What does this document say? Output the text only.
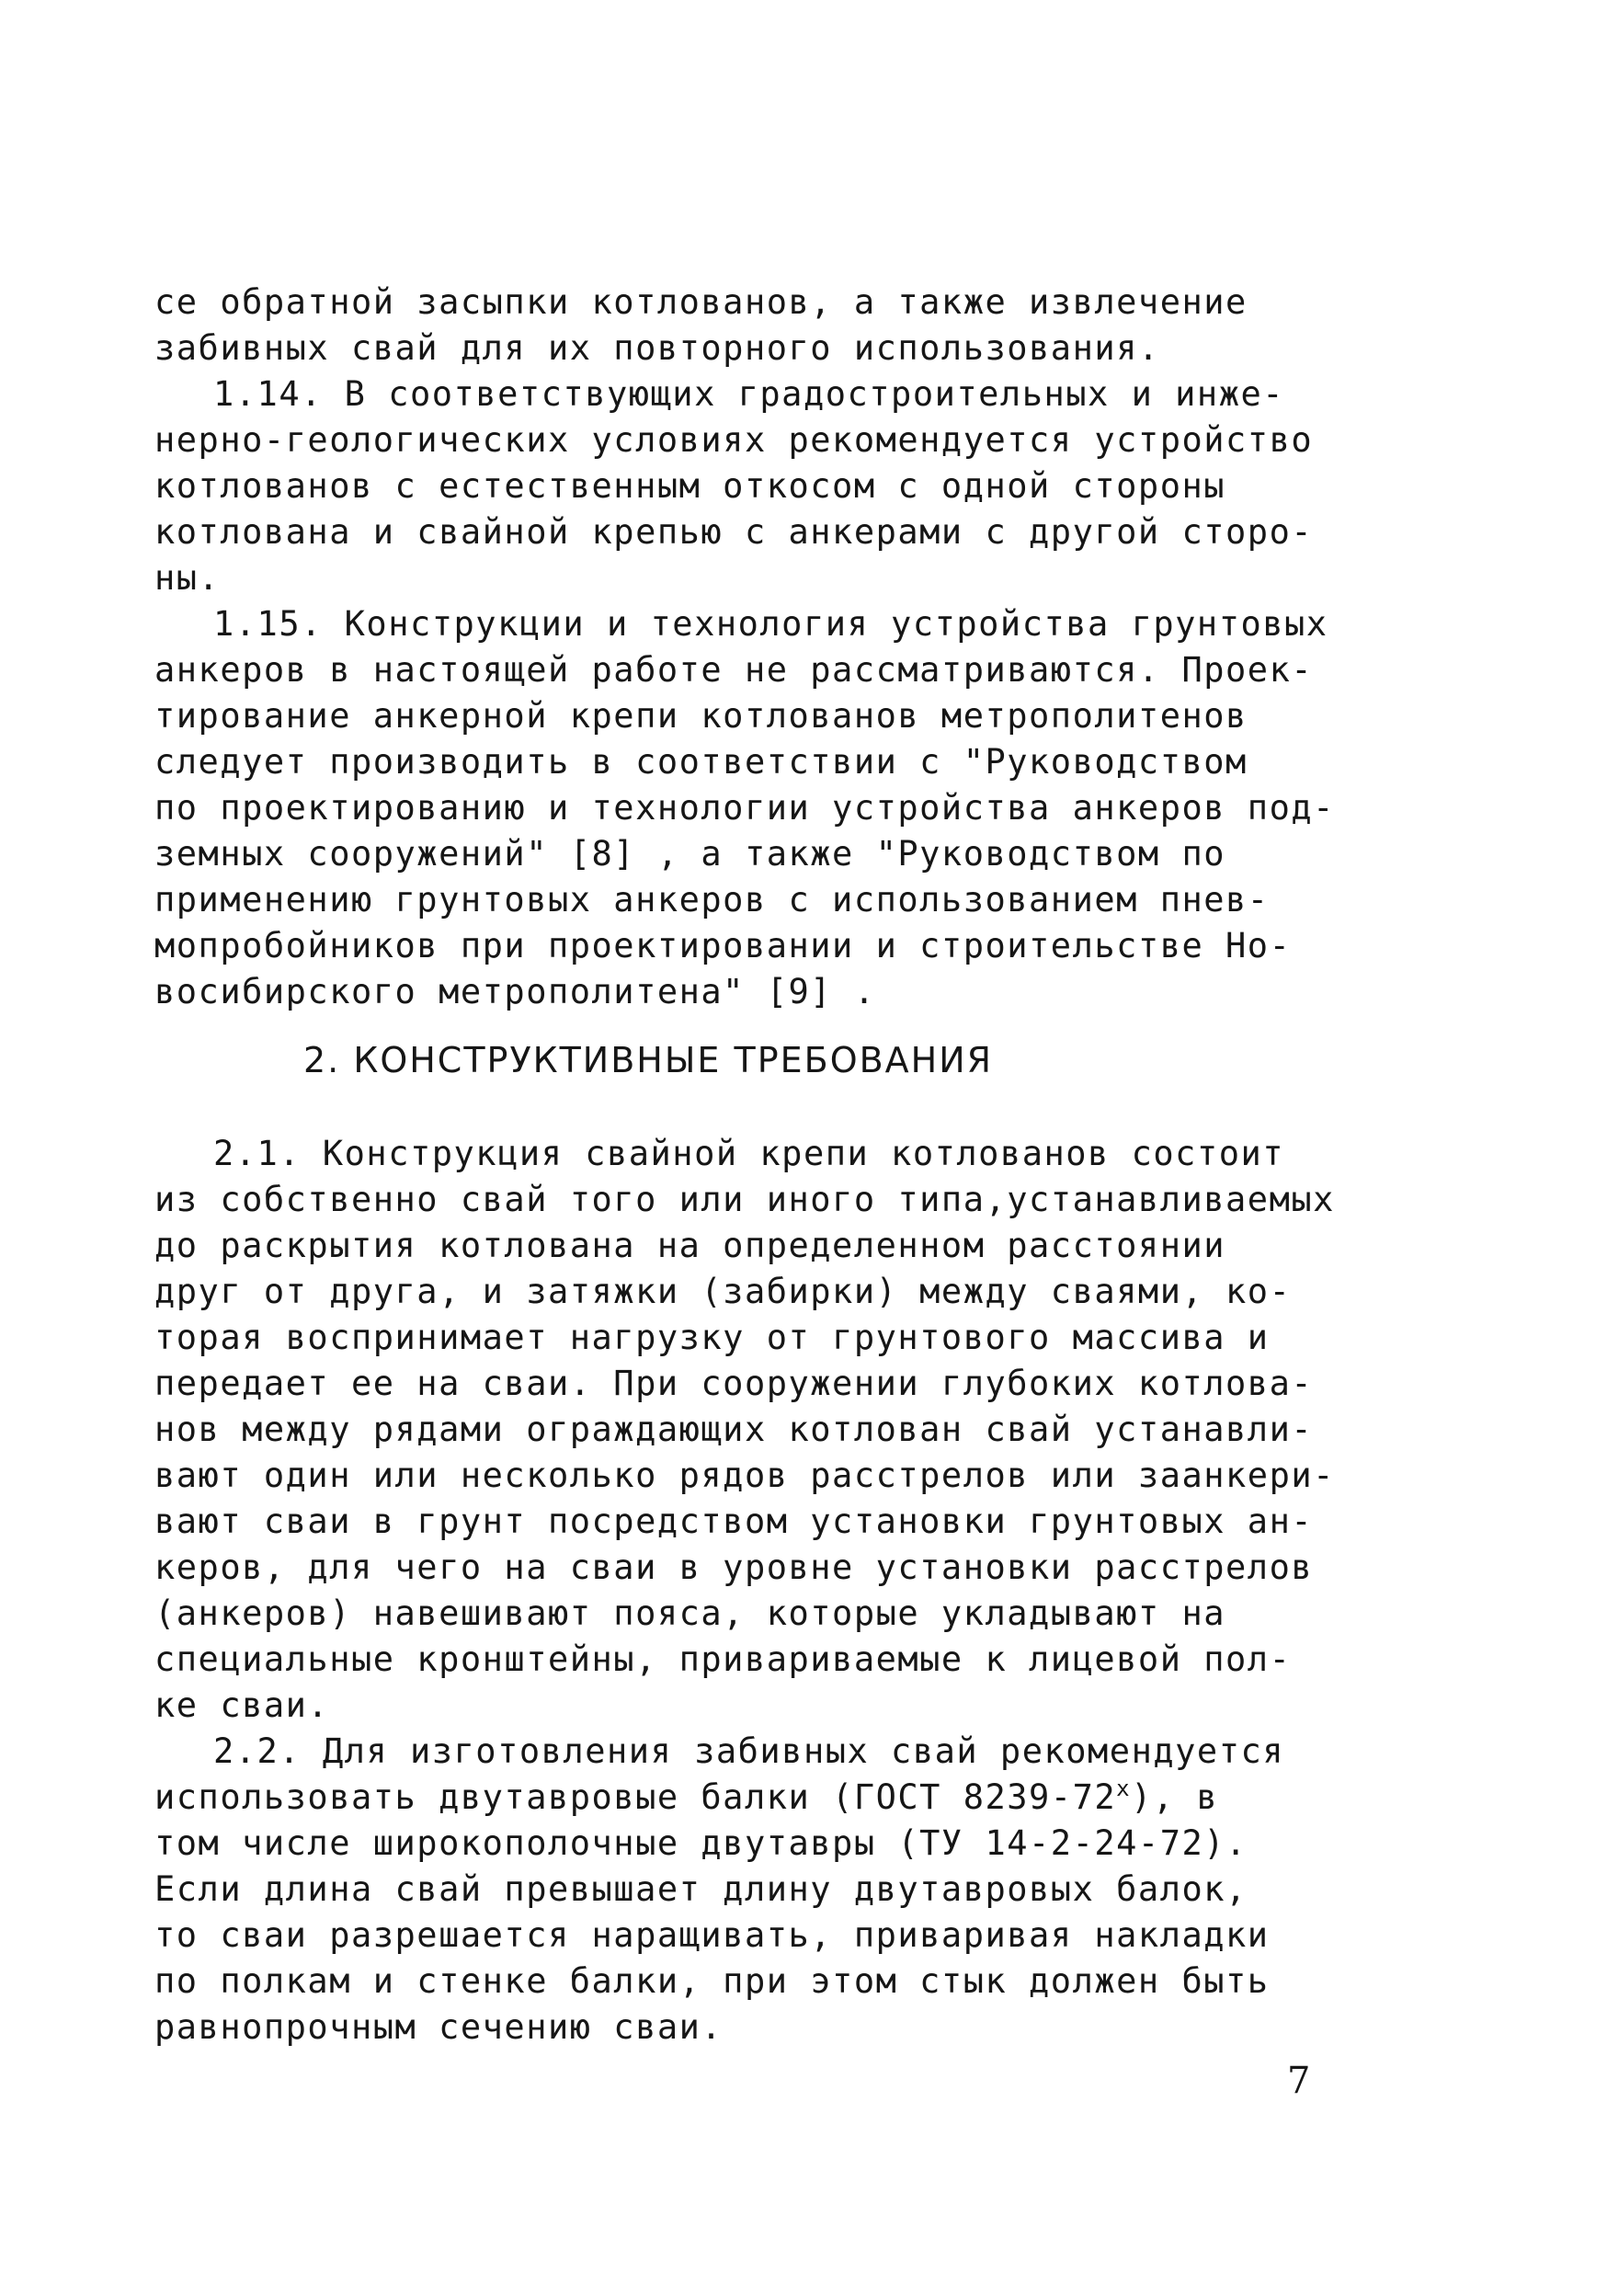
се обратной засыпки котлованов, а также извлечение
забивных свай для их повторного использования.
1.14. В соответствующих градостроительных и инже-
нерно-геологических условиях рекомендуется устройство
котлованов с естественным откосом с одной стороны
котлована и свайной крепью с анкерами с другой сторо-
ны.
1.15. Конструкции и технология устройства грунтовых
анкеров в настоящей работе не рассматриваются. Проек-
тирование анкерной крепи котлованов метрополитенов
следует производить в соответствии с "Руководством
по проектированию и технологии устройства анкеров под-
земных сооружений" [8] , а также "Руководством по
применению грунтовых анкеров с использованием пнев-
мопробойников при проектировании и строительстве Но-
восибирского метрополитена" [9] .
2. КОНСТРУКТИВНЫЕ ТРЕБОВАНИЯ
2.1. Конструкция свайной крепи котлованов состоит
из собственно свай того или иного типа,устанавливаемых
до раскрытия котлована на определенном расстоянии
друг от друга, и затяжки (забирки) между сваями, ко-
торая воспринимает нагрузку от грунтового массива и
передает ее на сваи. При сооружении глубоких котлова-
нов между рядами ограждающих котлован свай устанавли-
вают один или несколько рядов расстрелов или заанкери-
вают сваи в грунт посредством установки грунтовых ан-
керов, для чего на сваи в уровне установки расстрелов
(анкеров) навешивают пояса, которые укладывают на
специальные кронштейны, привариваемые к лицевой пол-
ке сваи.
2.2. Для изготовления забивных свай рекомендуется
использовать двутавровые балки (ГОСТ $8239-72^х$), в
том числе широкополочные двутавры (ТУ 14-2-24-72).
Если длина свай превышает длину двутавровых балок,
то сваи разрешается наращивать, приваривая накладки
по полкам и стенке балки, при этом стык должен быть
равнопрочным сечению сваи.
7
